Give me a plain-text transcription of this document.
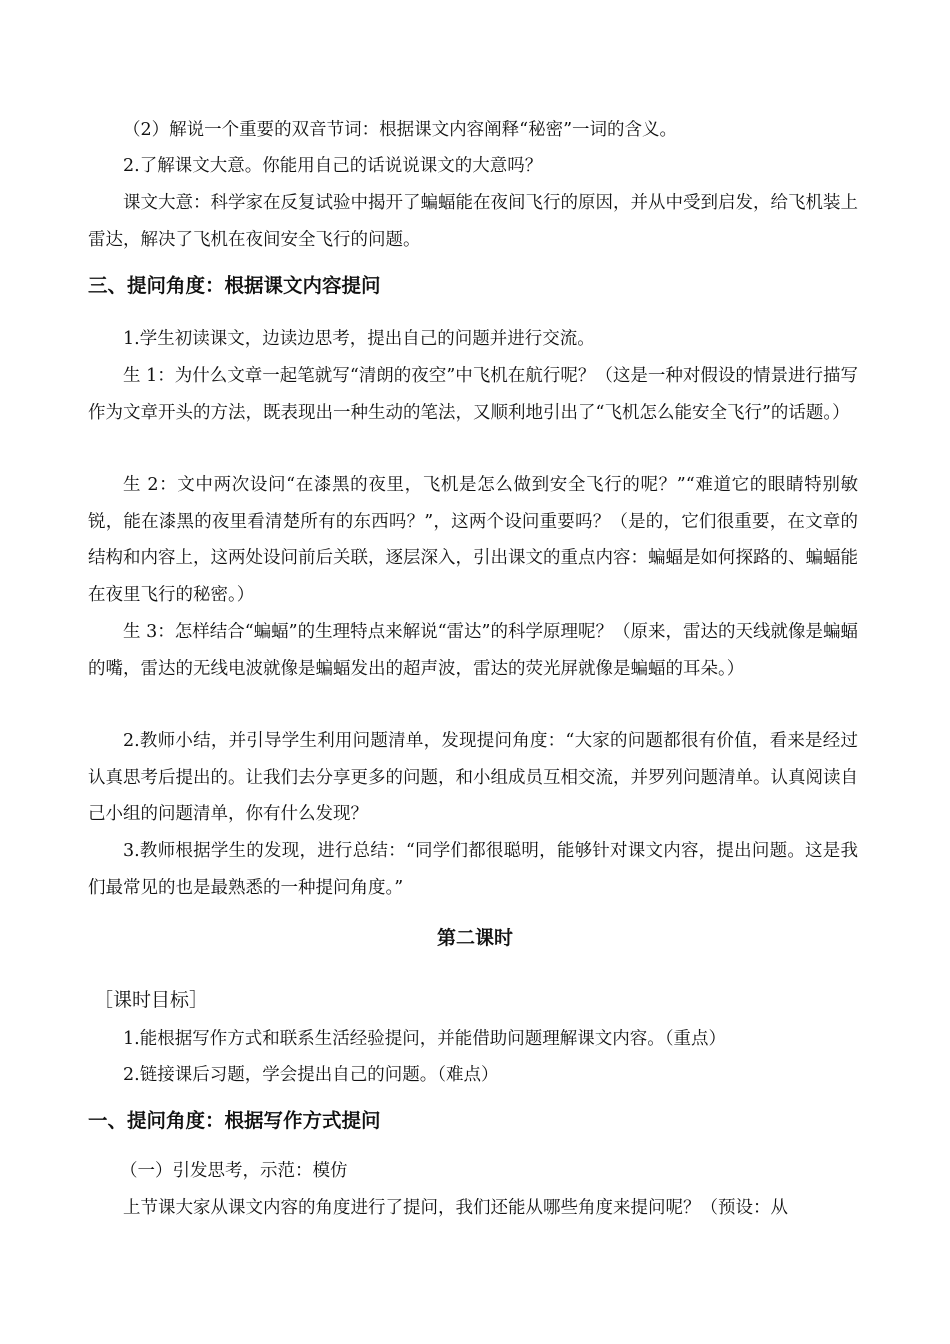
（2）解说一个重要的双音节词：根据课文内容阐释“秘密”一词的含义。

2.了解课文大意。你能用自己的话说说课文的大意吗？

课文大意：科学家在反复试验中揭开了蝙蝠能在夜间飞行的原因，并从中受到启发，给飞机装上雷达，解决了飞机在夜间安全飞行的问题。

三、提问角度：根据课文内容提问

1.学生初读课文，边读边思考，提出自己的问题并进行交流。

生 1：为什么文章一起笔就写“清朗的夜空”中飞机在航行呢？（这是一种对假设的情景进行描写作为文章开头的方法，既表现出一种生动的笔法，又顺利地引出了“飞机怎么能安全飞行”的话题。）

生 2：文中两次设问“在漆黑的夜里，飞机是怎么做到安全飞行的呢？”“难道它的眼睛特别敏锐，能在漆黑的夜里看清楚所有的东西吗？”，这两个设问重要吗？（是的，它们很重要，在文章的结构和内容上，这两处设问前后关联，逐层深入，引出课文的重点内容：蝙蝠是如何探路的、蝙蝠能在夜里飞行的秘密。）

生 3：怎样结合“蝙蝠”的生理特点来解说“雷达”的科学原理呢？（原来，雷达的天线就像是蝙蝠的嘴，雷达的无线电波就像是蝙蝠发出的超声波，雷达的荧光屏就像是蝙蝠的耳朵。）

2.教师小结，并引导学生利用问题清单，发现提问角度：“大家的问题都很有价值，看来是经过认真思考后提出的。让我们去分享更多的问题，和小组成员互相交流，并罗列问题清单。认真阅读自己小组的问题清单，你有什么发现？

3.教师根据学生的发现，进行总结：“同学们都很聪明，能够针对课文内容，提出问题。这是我们最常见的也是最熟悉的一种提问角度。”

第二课时
［课时目标］

1.能根据写作方式和联系生活经验提问，并能借助问题理解课文内容。（重点）

2.链接课后习题，学会提出自己的问题。（难点）

一、提问角度：根据写作方式提问
（一）引发思考，示范：模仿

上节课大家从课文内容的角度进行了提问，我们还能从哪些角度来提问呢？（预设：从
